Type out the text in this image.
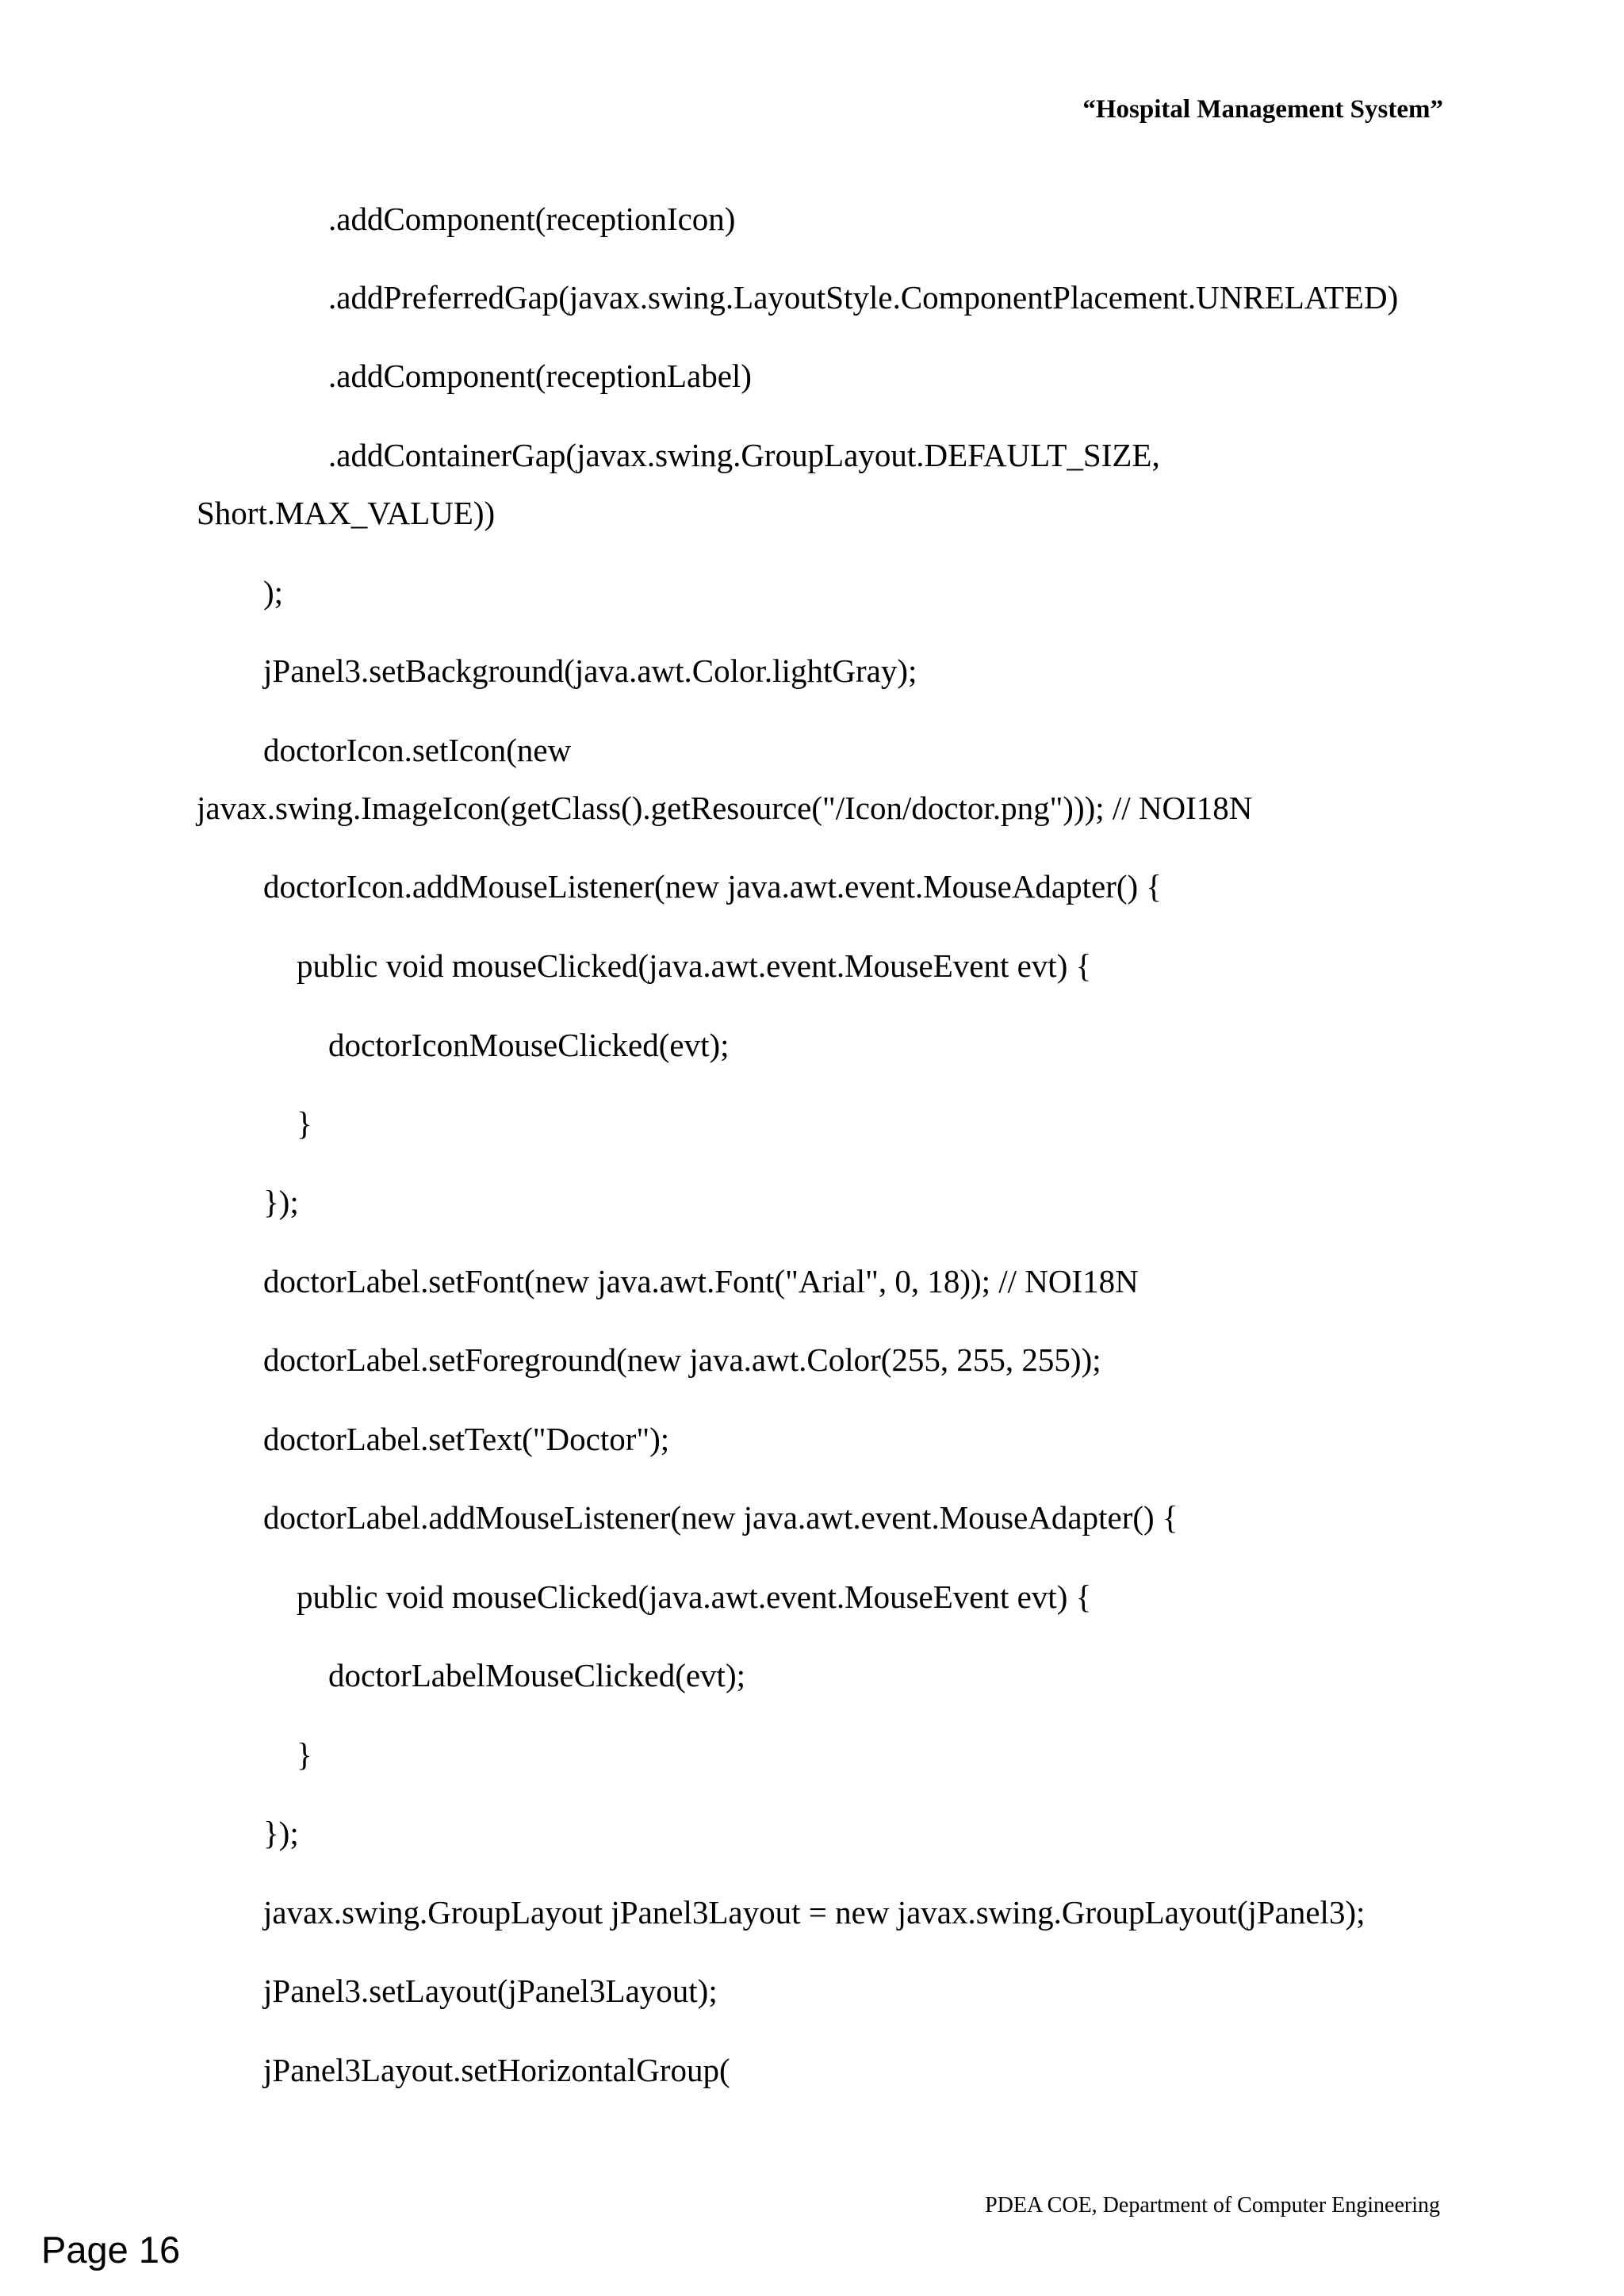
“Hospital Management System”
.addComponent(receptionIcon)
.addPreferredGap(javax.swing.LayoutStyle.ComponentPlacement.UNRELATED)
.addComponent(receptionLabel)
.addContainerGap(javax.swing.GroupLayout.DEFAULT_SIZE,
Short.MAX_VALUE))
);
jPanel3.setBackground(java.awt.Color.lightGray);
doctorIcon.setIcon(new
javax.swing.ImageIcon(getClass().getResource("/Icon/doctor.png"))); // NOI18N
doctorIcon.addMouseListener(new java.awt.event.MouseAdapter() {
public void mouseClicked(java.awt.event.MouseEvent evt) {
doctorIconMouseClicked(evt);
}
});
doctorLabel.setFont(new java.awt.Font("Arial", 0, 18)); // NOI18N
doctorLabel.setForeground(new java.awt.Color(255, 255, 255));
doctorLabel.setText("Doctor");
doctorLabel.addMouseListener(new java.awt.event.MouseAdapter() {
public void mouseClicked(java.awt.event.MouseEvent evt) {
doctorLabelMouseClicked(evt);
}
});
javax.swing.GroupLayout jPanel3Layout = new javax.swing.GroupLayout(jPanel3);
jPanel3.setLayout(jPanel3Layout);
jPanel3Layout.setHorizontalGroup(
PDEA COE, Department of Computer Engineering
Page 16
